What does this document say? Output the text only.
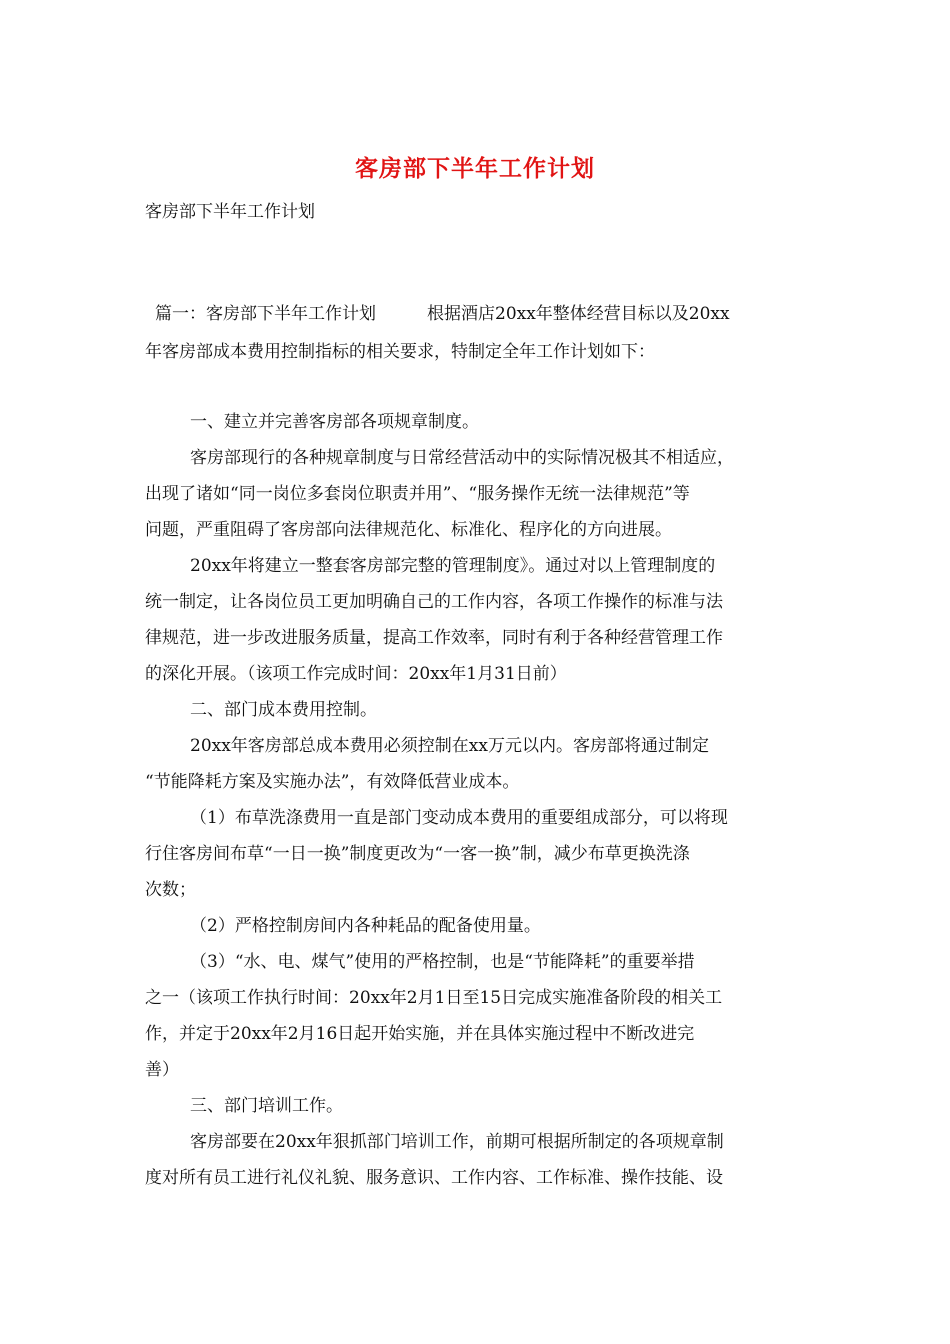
客房部下半年工作计划
客房部下半年工作计划
篇一：客房部下半年工作计划　　　根据酒店20xx年整体经营目标以及20xx
年客房部成本费用控制指标的相关要求，特制定全年工作计划如下：
一、建立并完善客房部各项规章制度。
客房部现行的各种规章制度与日常经营活动中的实际情况极其不相适应，
出现了诸如“同一岗位多套岗位职责并用”、“服务操作无统一法律规范”等
问题，严重阻碍了客房部向法律规范化、标准化、程序化的方向进展。
20xx年将建立一整套客房部完整的管理制度》。通过对以上管理制度的
统一制定，让各岗位员工更加明确自己的工作内容，各项工作操作的标准与法
律规范，进一步改进服务质量，提高工作效率，同时有利于各种经营管理工作
的深化开展。（该项工作完成时间：20xx年1月31日前）
二、部门成本费用控制。
20xx年客房部总成本费用必须控制在xx万元以内。客房部将通过制定
“节能降耗方案及实施办法”，有效降低营业成本。
（1）布草洗涤费用一直是部门变动成本费用的重要组成部分，可以将现
行住客房间布草“一日一换”制度更改为“一客一换”制，减少布草更换洗涤
次数；
（2）严格控制房间内各种耗品的配备使用量。
（3）“水、电、煤气”使用的严格控制，也是“节能降耗”的重要举措
之一（该项工作执行时间：20xx年2月1日至15日完成实施准备阶段的相关工
作，并定于20xx年2月16日起开始实施，并在具体实施过程中不断改进完
善）
三、部门培训工作。
客房部要在20xx年狠抓部门培训工作，前期可根据所制定的各项规章制
度对所有员工进行礼仪礼貌、服务意识、工作内容、工作标准、操作技能、设
